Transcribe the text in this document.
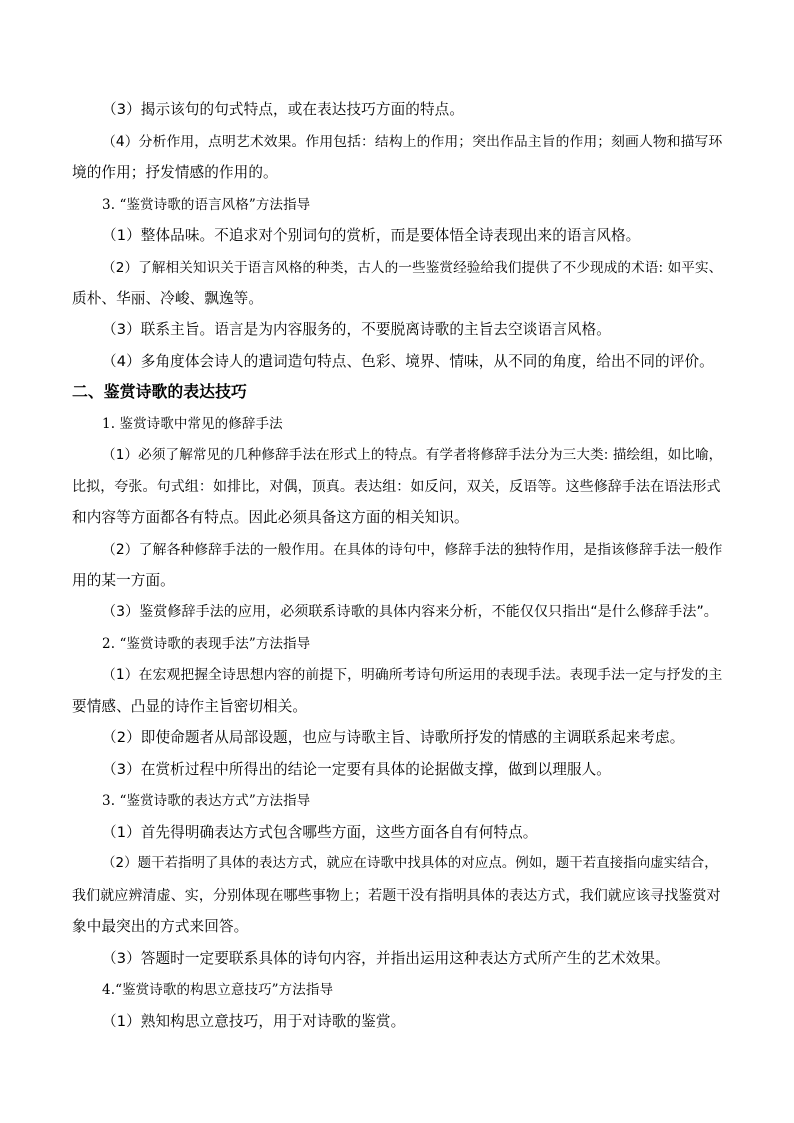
（3）揭示该句的句式特点，或在表达技巧方面的特点。
（4）分析作用，点明艺术效果。作用包括：结构上的作用；突出作品主旨的作用；刻画人物和描写环
境的作用；抒发情感的作用的。
3. “鉴赏诗歌的语言风格”方法指导
（1）整体品味。不追求对个别词句的赏析，而是要体悟全诗表现出来的语言风格。
（2）了解相关知识关于语言风格的种类，古人的一些鉴赏经验给我们提供了不少现成的术语: 如平实、
质朴、华丽、冷峻、飘逸等。
（3）联系主旨。语言是为内容服务的，不要脱离诗歌的主旨去空谈语言风格。
（4）多角度体会诗人的遣词造句特点、色彩、境界、情味，从不同的角度，给出不同的评价。
二、鉴赏诗歌的表达技巧
1. 鉴赏诗歌中常见的修辞手法
（1）必须了解常见的几种修辞手法在形式上的特点。有学者将修辞手法分为三大类: 描绘组，如比喻，
比拟，夸张。句式组：如排比，对偶，顶真。表达组：如反问，双关，反语等。这些修辞手法在语法形式
和内容等方面都各有特点。因此必须具备这方面的相关知识。
（2）了解各种修辞手法的一般作用。在具体的诗句中，修辞手法的独特作用，是指该修辞手法一般作
用的某一方面。
（3）鉴赏修辞手法的应用，必须联系诗歌的具体内容来分析，不能仅仅只指出“是什么修辞手法”。
2. “鉴赏诗歌的表现手法”方法指导
（1）在宏观把握全诗思想内容的前提下，明确所考诗句所运用的表现手法。表现手法一定与抒发的主
要情感、凸显的诗作主旨密切相关。
（2）即使命题者从局部设题，也应与诗歌主旨、诗歌所抒发的情感的主调联系起来考虑。
（3）在赏析过程中所得出的结论一定要有具体的论据做支撑，做到以理服人。
3. “鉴赏诗歌的表达方式”方法指导
（1）首先得明确表达方式包含哪些方面，这些方面各自有何特点。
（2）题干若指明了具体的表达方式，就应在诗歌中找具体的对应点。例如，题干若直接指向虚实结合，
我们就应辨清虚、实，分别体现在哪些事物上；若题干没有指明具体的表达方式，我们就应该寻找鉴赏对
象中最突出的方式来回答。
（3）答题时一定要联系具体的诗句内容，并指出运用这种表达方式所产生的艺术效果。
4.“鉴赏诗歌的构思立意技巧”方法指导
（1）熟知构思立意技巧，用于对诗歌的鉴赏。
